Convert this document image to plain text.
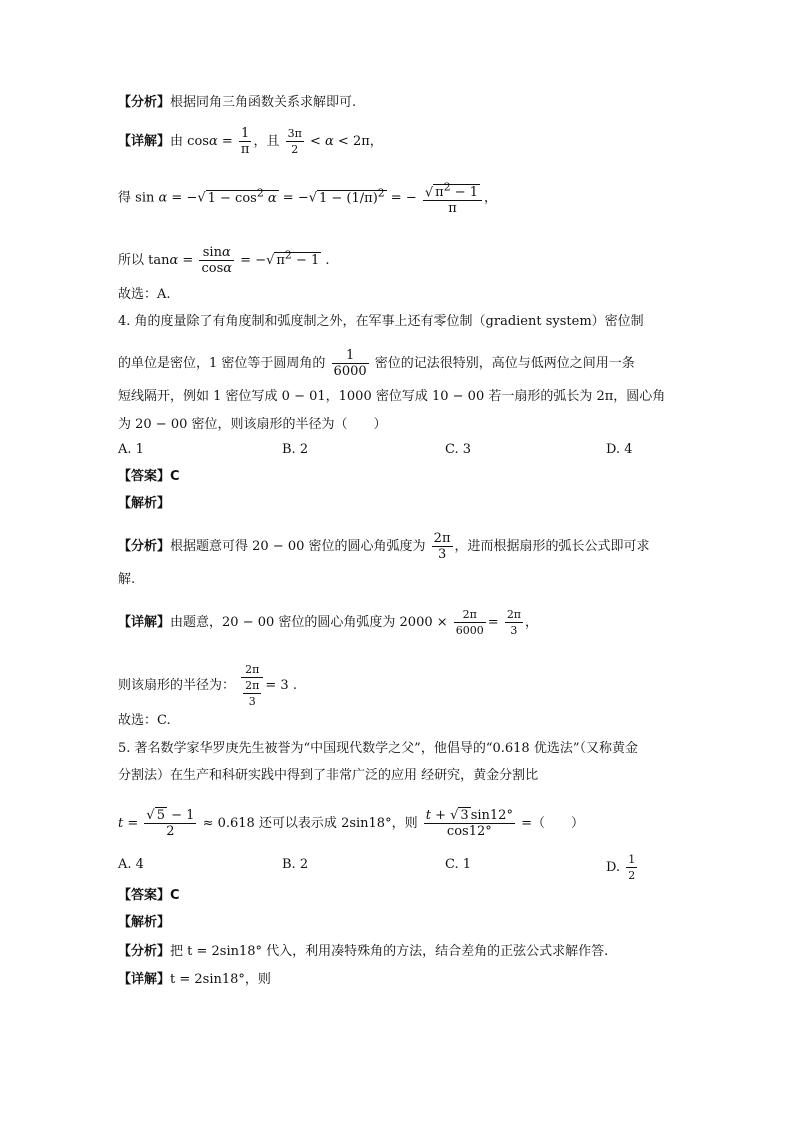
【分析】根据同角三角函数关系求解即可.
【详解】由 $\cos\alpha = \frac{1}{\pi}$ ，且 $\frac{3\pi}{2} < \alpha < 2\pi$，
得 sin α = −√ $1 - \cos^2 \alpha$ = −√ $1 - (1/\pi)^2$ = − $\frac{√ \pi^2 - 1}{\pi}$ ，
所以 $\tan\alpha = \frac{\sin\alpha}{\cos\alpha}$ = −√ $\pi^2 - 1$ .
故选：A.
4. 角的度量除了有角度制和弧度制之外，在军事上还有零位制（gradient system）密位制
的单位是密位，1 密位等于圆周角的 $\frac{1}{6000}$ 密位的记法很特别，高位与低两位之间用一条
短线隔开，例如 1 密位写成 0 − 01，1000 密位写成 10 − 00 若一扇形的弧长为 2π，圆心角
为 20 − 00 密位，则该扇形的半径为（　　）
A. 1	B. 2	C. 3	D. 4
【答案】C
【解析】
【分析】根据题意可得 20 − 00 密位的圆心角弧度为 $\frac{2\pi}{3}$ ，进而根据扇形的弧长公式即可求
解.
【详解】由题意，20 − 00 密位的圆心角弧度为 $2000 \times \frac{2\pi}{6000} = \frac{2\pi}{3}$ ，
则该扇形的半径为： $\frac{2\pi}{\frac{2\pi}{3}} = 3$ .
故选：C.
5. 著名数学家华罗庚先生被誉为“中国现代数学之父”，他倡导的“0.618 优选法”（又称黄金
分割法）在生产和科研实践中得到了非常广泛的应用 经研究，黄金分割比
$t = \frac{√ 5 - 1}{2} \approx 0.618$ 还可以表示成 2sin18°，则 $\frac{t + √ 3 \sin 12^\circ}{\cos 12^\circ}$ =（　　）
A. 4	B. 2	C. 1	D. $\frac{1}{2}$
【答案】C
【解析】
【分析】把 t = 2sin18° 代入，利用凑特殊角的方法，结合差角的正弦公式求解作答.
【详解】t = 2sin18°，则
